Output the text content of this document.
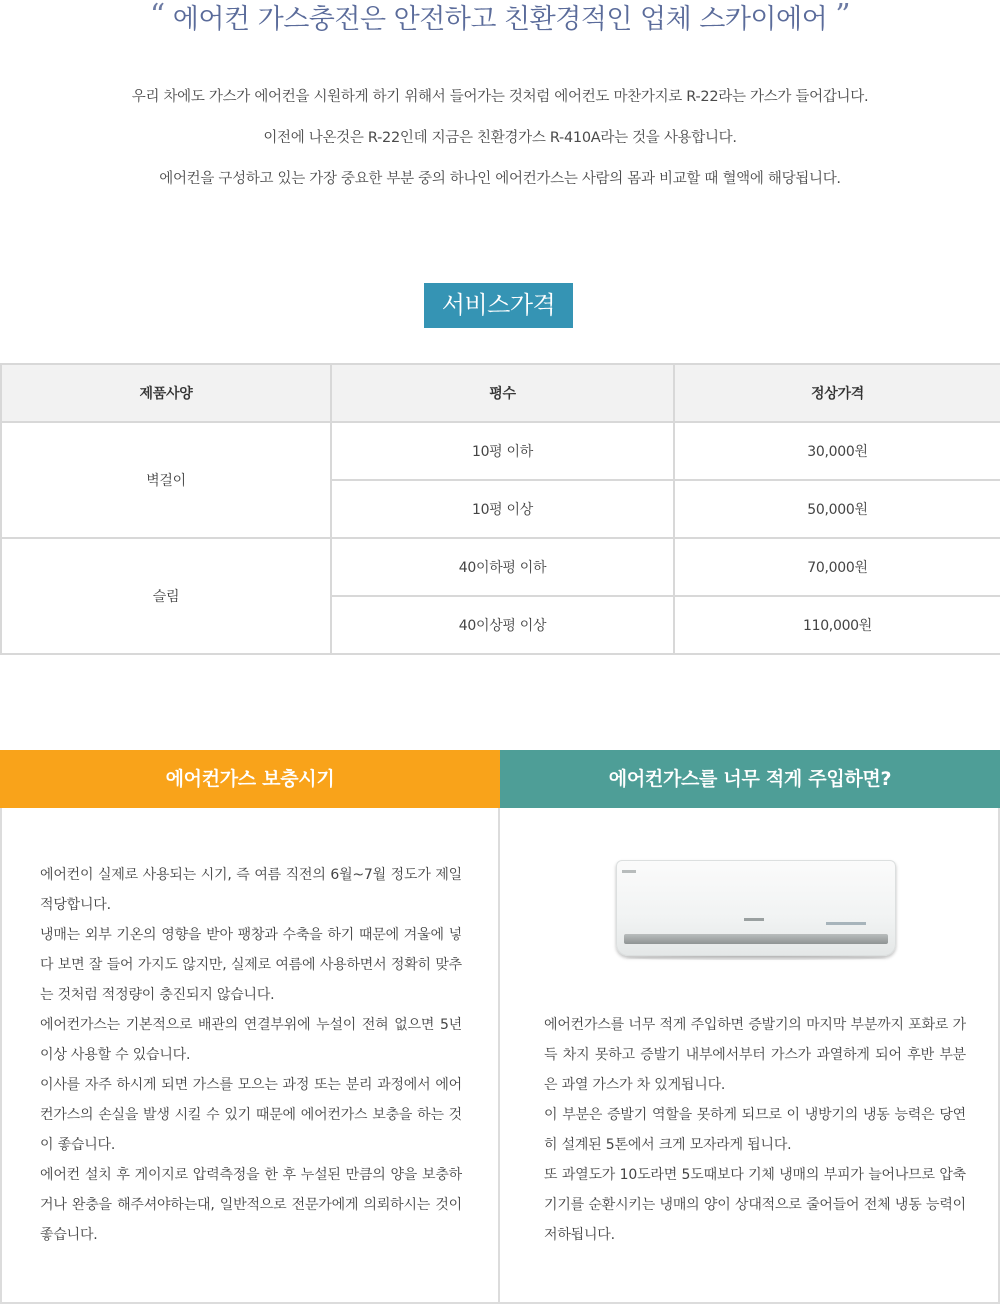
“ 에어컨 가스충전은 안전하고 친환경적인 업체 스카이에어 ”

우리 차에도 가스가 에어컨을 시원하게 하기 위해서 들어가는 것처럼 에어컨도 마찬가지로 R-22라는 가스가 들어갑니다.

이전에 나온것은 R-22인데 지금은 친환경가스 R-410A라는 것을 사용합니다.

에어컨을 구성하고 있는 가장 중요한 부분 중의 하나인 에어컨가스는 사람의 몸과 비교할 때 혈액에 해당됩니다.

서비스가격
제품사양	평수	정상가격
벽걸이	10평 이하	30,000원
	10평 이상	50,000원
슬림	40이하평 이하	70,000원
	40이상평 이상	110,000원
에어컨가스 보충시기

에어컨이 실제로 사용되는 시기, 즉 여름 직전의 6월~7월 정도가 제일 적당합니다.

냉매는 외부 기온의 영향을 받아 팽창과 수축을 하기 때문에 겨울에 넣다 보면 잘 들어 가지도 않지만, 실제로 여름에 사용하면서 정확히 맞추는 것처럼 적정량이 충진되지 않습니다.

에어컨가스는 기본적으로 배관의 연결부위에 누설이 전혀 없으면 5년 이상 사용할 수 있습니다.

이사를 자주 하시게 되면 가스를 모으는 과정 또는 분리 과정에서 에어컨가스의 손실을 발생 시킬 수 있기 때문에 에어컨가스 보충을 하는 것이 좋습니다.

에어컨 설치 후 게이지로 압력측정을 한 후 누설된 만큼의 양을 보충하거나 완충을 해주셔야하는대, 일반적으로 전문가에게 의뢰하시는 것이 좋습니다.

에어컨가스를 너무 적게 주입하면?

에어컨가스를 너무 적게 주입하면 증발기의 마지막 부분까지 포화로 가득 차지 못하고 증발기 내부에서부터 가스가 과열하게 되어 후반 부분은 과열 가스가 차 있게됩니다.

이 부분은 증발기 역할을 못하게 되므로 이 냉방기의 냉동 능력은 당연히 설계된 5톤에서 크게 모자라게 됩니다.

또 과열도가 10도라면 5도때보다 기체 냉매의 부피가 늘어나므로 압축기기를 순환시키는 냉매의 양이 상대적으로 줄어들어 전체 냉동 능력이 저하됩니다.
